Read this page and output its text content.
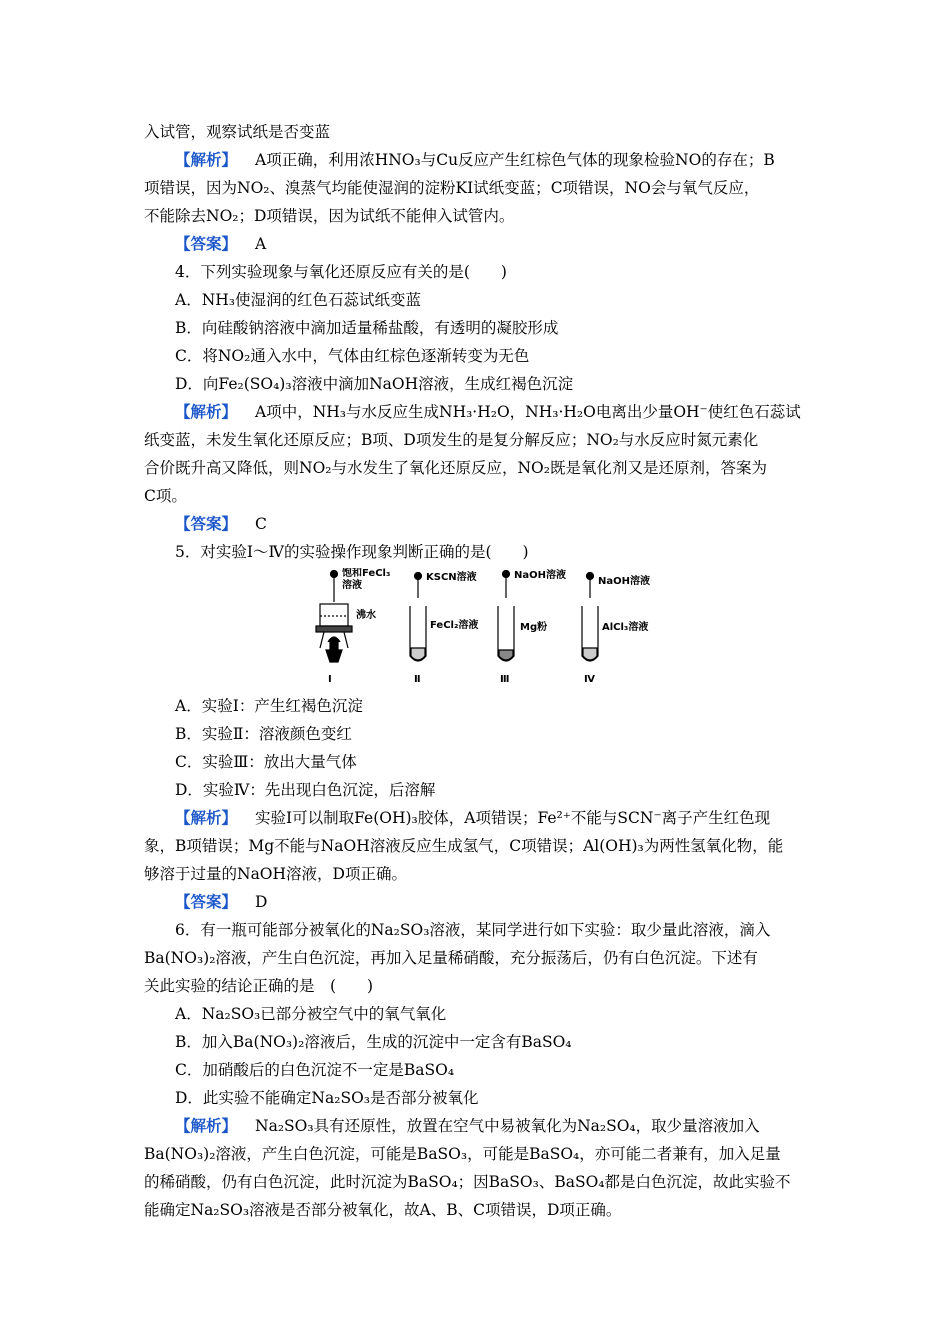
入试管，观察试纸是否变蓝
【解析】 A项正确，利用浓HNO₃与Cu反应产生红棕色气体的现象检验NO的存在；B
项错误，因为NO₂、溴蒸气均能使湿润的淀粉KI试纸变蓝；C项错误，NO会与氧气反应，
不能除去NO₂；D项错误，因为试纸不能伸入试管内。
【答案】 A
4．下列实验现象与氧化还原反应有关的是(　　)
A．NH₃使湿润的红色石蕊试纸变蓝
B．向硅酸钠溶液中滴加适量稀盐酸，有透明的凝胶形成
C．将NO₂通入水中，气体由红棕色逐渐转变为无色
D．向Fe₂(SO₄)₃溶液中滴加NaOH溶液，生成红褐色沉淀
【解析】 A项中，NH₃与水反应生成NH₃·H₂O，NH₃·H₂O电离出少量OH⁻使红色石蕊试
纸变蓝，未发生氧化还原反应；B项、D项发生的是复分解反应；NO₂与水反应时氮元素化
合价既升高又降低，则NO₂与水发生了氧化还原反应，NO₂既是氧化剂又是还原剂，答案为
C项。
【答案】 C
5．对实验Ⅰ～Ⅳ的实验操作现象判断正确的是(　　)
饱和FeCl₃
溶液
沸水
Ⅰ
KSCN溶液
FeCl₂溶液
Ⅱ
NaOH溶液
Mg粉
Ⅲ
NaOH溶液
AlCl₃溶液
Ⅳ
A．实验Ⅰ：产生红褐色沉淀
B．实验Ⅱ：溶液颜色变红
C．实验Ⅲ：放出大量气体
D．实验Ⅳ：先出现白色沉淀，后溶解
【解析】 实验Ⅰ可以制取Fe(OH)₃胶体，A项错误；Fe²⁺不能与SCN⁻离子产生红色现
象，B项错误；Mg不能与NaOH溶液反应生成氢气，C项错误；Al(OH)₃为两性氢氧化物，能
够溶于过量的NaOH溶液，D项正确。
【答案】 D
6．有一瓶可能部分被氧化的Na₂SO₃溶液，某同学进行如下实验：取少量此溶液，滴入
Ba(NO₃)₂溶液，产生白色沉淀，再加入足量稀硝酸，充分振荡后，仍有白色沉淀。下述有
关此实验的结论正确的是　(　　)
A．Na₂SO₃已部分被空气中的氧气氧化
B．加入Ba(NO₃)₂溶液后，生成的沉淀中一定含有BaSO₄
C．加硝酸后的白色沉淀不一定是BaSO₄
D．此实验不能确定Na₂SO₃是否部分被氧化
【解析】 Na₂SO₃具有还原性，放置在空气中易被氧化为Na₂SO₄，取少量溶液加入
Ba(NO₃)₂溶液，产生白色沉淀，可能是BaSO₃，可能是BaSO₄，亦可能二者兼有，加入足量
的稀硝酸，仍有白色沉淀，此时沉淀为BaSO₄；因BaSO₃、BaSO₄都是白色沉淀，故此实验不
能确定Na₂SO₃溶液是否部分被氧化，故A、B、C项错误，D项正确。
